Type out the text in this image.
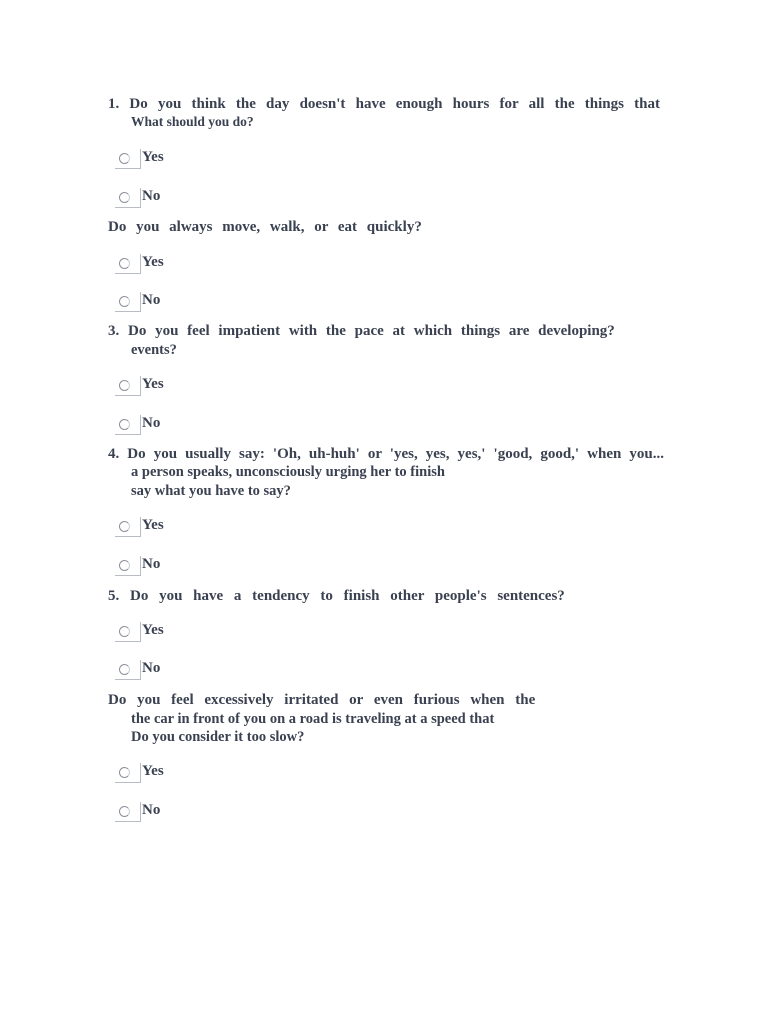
1. Do you think the day doesn't have enough hours for all the things that
What should you do?
Yes
No
Do you always move, walk, or eat quickly?
Yes
No
3. Do you feel impatient with the pace at which things are developing?
events?
Yes
No
4. Do you usually say: 'Oh, uh-huh' or 'yes, yes, yes,' 'good, good,' when you...
a person speaks, unconsciously urging her to finish
say what you have to say?
Yes
No
5. Do you have a tendency to finish other people's sentences?
Yes
No
Do you feel excessively irritated or even furious when the
the car in front of you on a road is traveling at a speed that
Do you consider it too slow?
Yes
No
